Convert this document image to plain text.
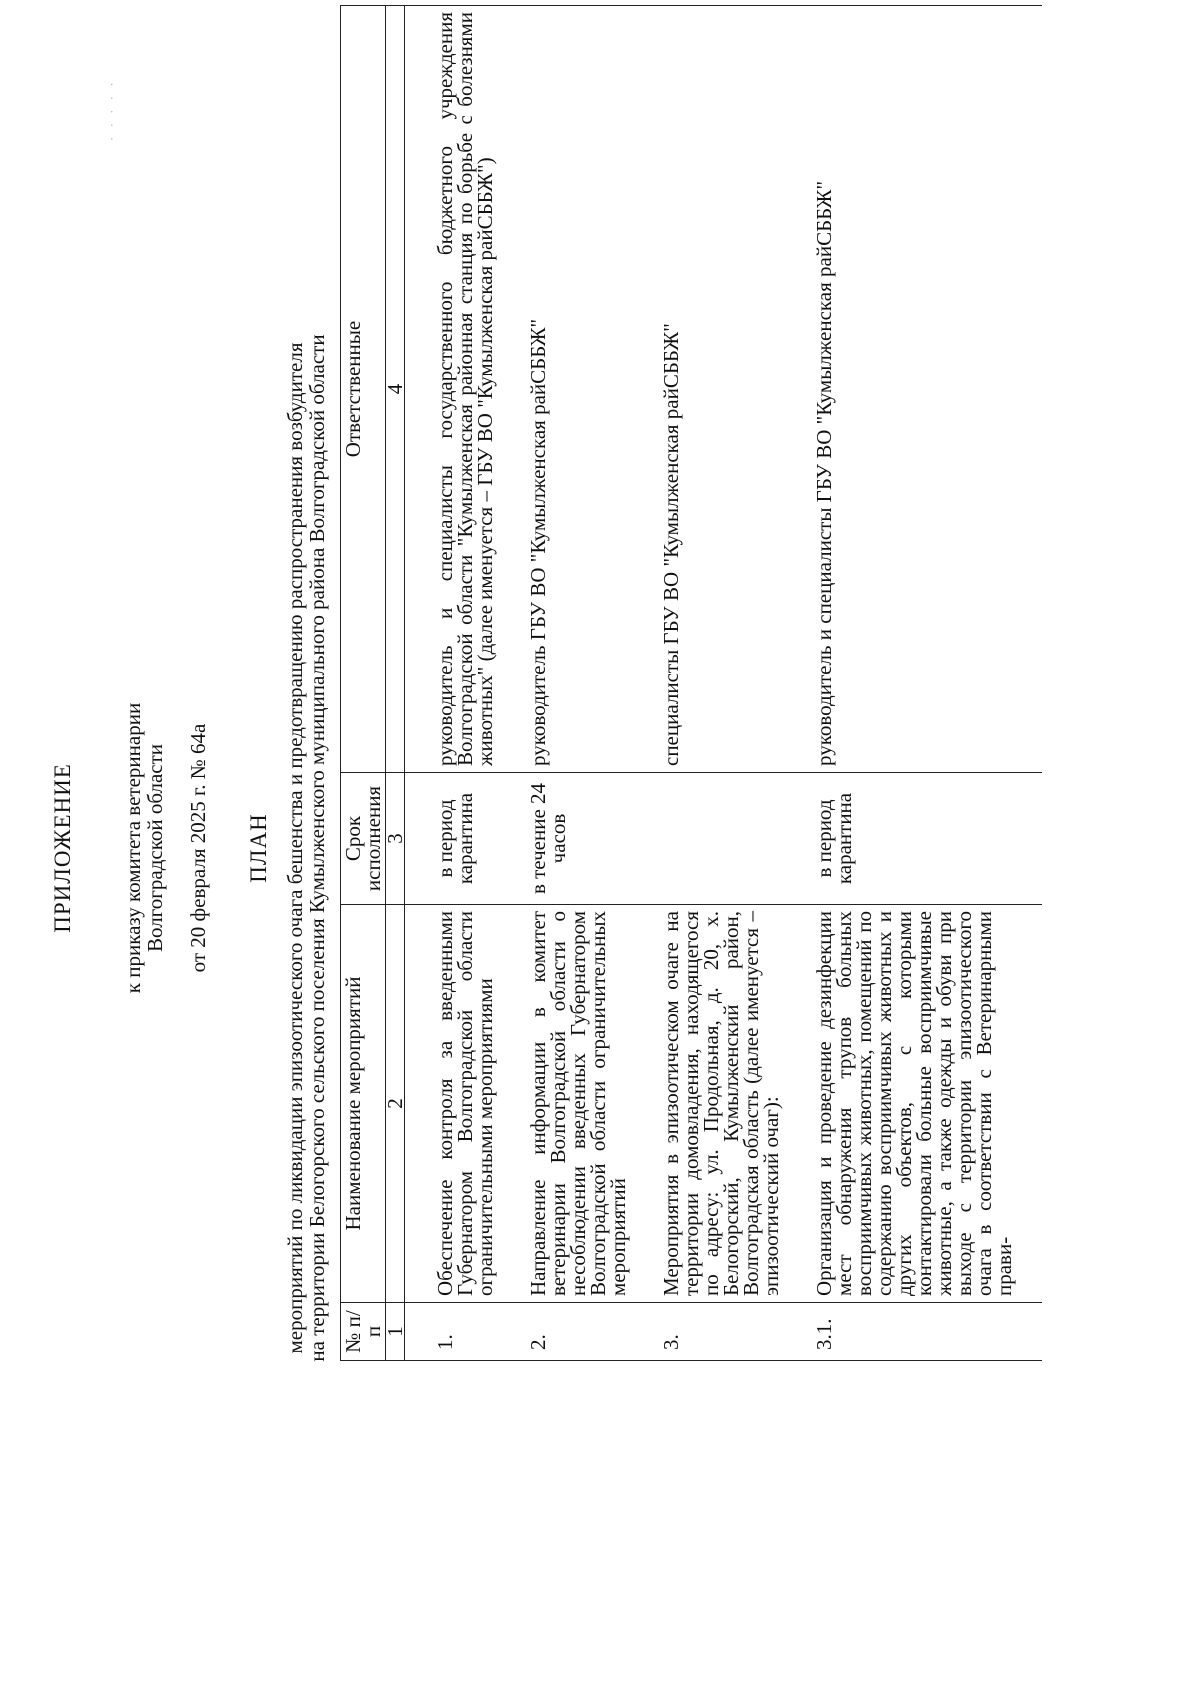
· · · · ·
ПРИЛОЖЕНИЕ к приказу комитета ветеринарии
Волгоградской области от 20 февраля 2025 г. № 64а ПЛАН мероприятий по ликвидации эпизоотического очага бешенства и предотвращению распространения возбудителя
на территории Белогорского сельского поселения Кумылженского муниципального района Волгоградской области № п/п	Наименование мероприятий	Срок исполнения	Ответственные
1	2	3	4
1.	Обеспечение контроля за введенными Губернатором Волгоградской области ограничительными мероприятиями	в период карантина	руководитель и специалисты государственного бюджетного учреждения Волгоградской области "Кумылженская районная станция по борьбе с болезнями животных" (далее именуется – ГБУ ВО "Кумылженская райСББЖ")
2.	Направление информации в комитет ветеринарии Волгоградской области о несоблюдении введенных Губернатором Волгоградской области ограничительных мероприятий	в течение 24 часов	руководитель ГБУ ВО "Кумылженская райСББЖ"
3.	Мероприятия в эпизоотическом очаге на территории домовладения, находящегося по адресу: ул. Продольная, д. 20, х. Белогорский, Кумылженский район, Волгоградская область (далее именуется – эпизоотический очаг):		специалисты ГБУ ВО "Кумылженская райСББЖ"
3.1.	Организация и проведение дезинфекции мест обнаружения трупов больных восприимчивых животных, помещений по содержанию восприимчивых животных и других объектов, с которыми контактировали больные восприимчивые животные, а также одежды и обуви при выходе с территории эпизоотического очага в соответствии с Ветеринарными прави-	в период карантина	руководитель и специалисты ГБУ ВО "Кумылженская райСББЖ"
